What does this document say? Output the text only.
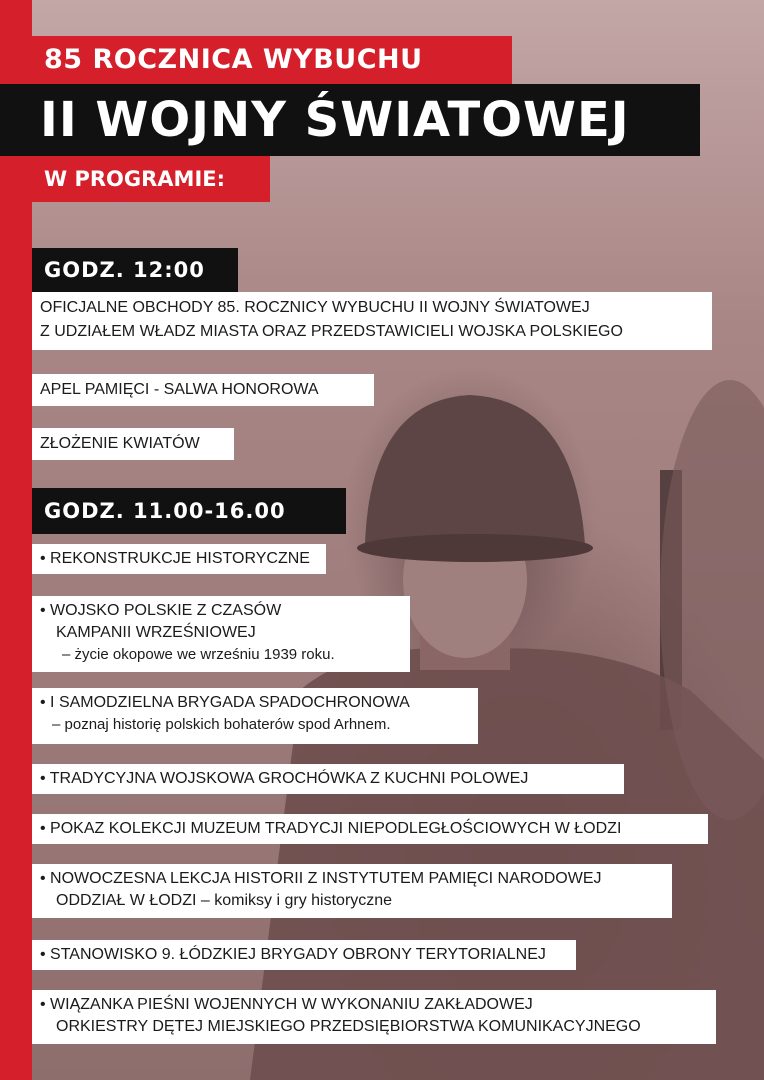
85 ROCZNICA WYBUCHU
II WOJNY ŚWIATOWEJ
W PROGRAMIE:
GODZ. 12:00
OFICJALNE OBCHODY 85. ROCZNICY WYBUCHU II WOJNY ŚWIATOWEJ
Z UDZIAŁEM WŁADZ MIASTA ORAZ PRZEDSTAWICIELI WOJSKA POLSKIEGO
APEL PAMIĘCI - SALWA HONOROWA
ZŁOŻENIE KWIATÓW
GODZ. 11.00-16.00
• REKONSTRUKCJE HISTORYCZNE
• WOJSKO POLSKIE Z CZASÓW
KAMPANII WRZEŚNIOWEJ
– życie okopowe we wrześniu 1939 roku.
• I SAMODZIELNA BRYGADA SPADOCHRONOWA
– poznaj historię polskich bohaterów spod Arhnem.
• TRADYCYJNA WOJSKOWA GROCHÓWKA Z KUCHNI POLOWEJ
• POKAZ KOLEKCJI MUZEUM TRADYCJI NIEPODLEGŁOŚCIOWYCH W ŁODZI
• NOWOCZESNA LEKCJA HISTORII Z INSTYTUTEM PAMIĘCI NARODOWEJ
ODDZIAŁ W ŁODZI – komiksy i gry historyczne
• STANOWISKO 9. ŁÓDZKIEJ BRYGADY OBRONY TERYTORIALNEJ
• WIĄZANKA PIEŚNI WOJENNYCH W WYKONANIU ZAKŁADOWEJ
ORKIESTRY DĘTEJ MIEJSKIEGO PRZEDSIĘBIORSTWA KOMUNIKACYJNEGO
